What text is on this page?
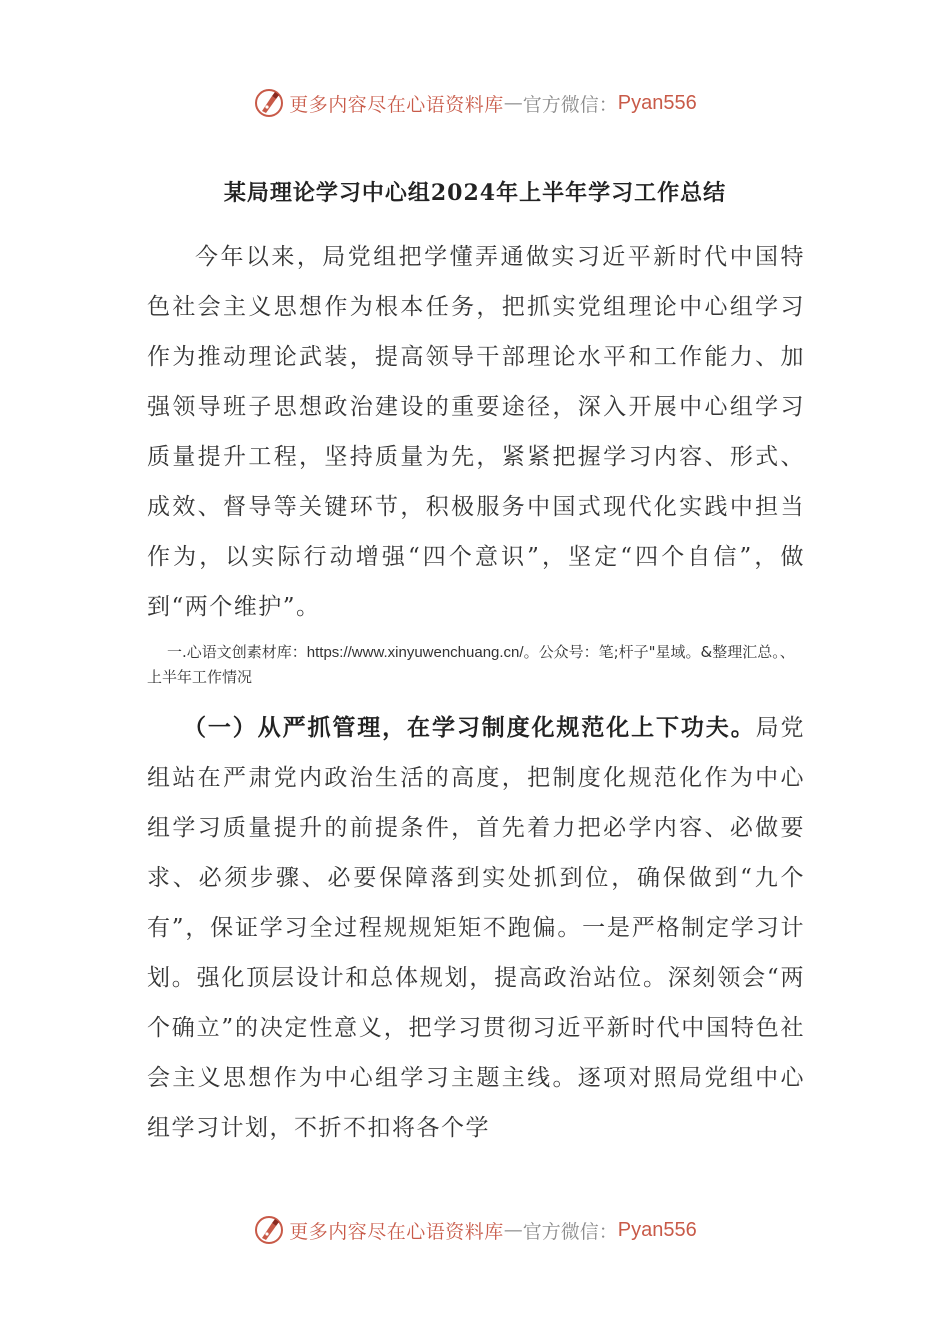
更多内容尽在心语资料库 — 官方微信： Pyan556
某局理论学习中心组2024年上半年学习工作总结
今年以来，局党组把学懂弄通做实习近平新时代中国特色社会主义思想作为根本任务，把抓实党组理论中心组学习作为推动理论武装，提高领导干部理论水平和工作能力、加强领导班子思想政治建设的重要途径，深入开展中心组学习质量提升工程，坚持质量为先，紧紧把握学习内容、形式、成效、督导等关键环节，积极服务中国式现代化实践中担当作为，以实际行动增强“四个意识”，坚定“四个自信”，做到“两个维护”。
一.心语文创素材库：https://www.xinyuwenchuang.cn/。公众号：笔;杆子"星域。&整理汇总。、上半年工作情况
（一）从严抓管理，在学习制度化规范化上下功夫。局党组站在严肃党内政治生活的高度，把制度化规范化作为中心组学习质量提升的前提条件，首先着力把必学内容、必做要求、必须步骤、必要保障落到实处抓到位，确保做到“九个有”，保证学习全过程规规矩矩不跑偏。一是严格制定学习计划。强化顶层设计和总体规划，提高政治站位。深刻领会“两个确立”的决定性意义，把学习贯彻习近平新时代中国特色社会主义思想作为中心组学习主题主线。逐项对照局党组中心组学习计划，不折不扣将各个学
更多内容尽在心语资料库 — 官方微信： Pyan556
